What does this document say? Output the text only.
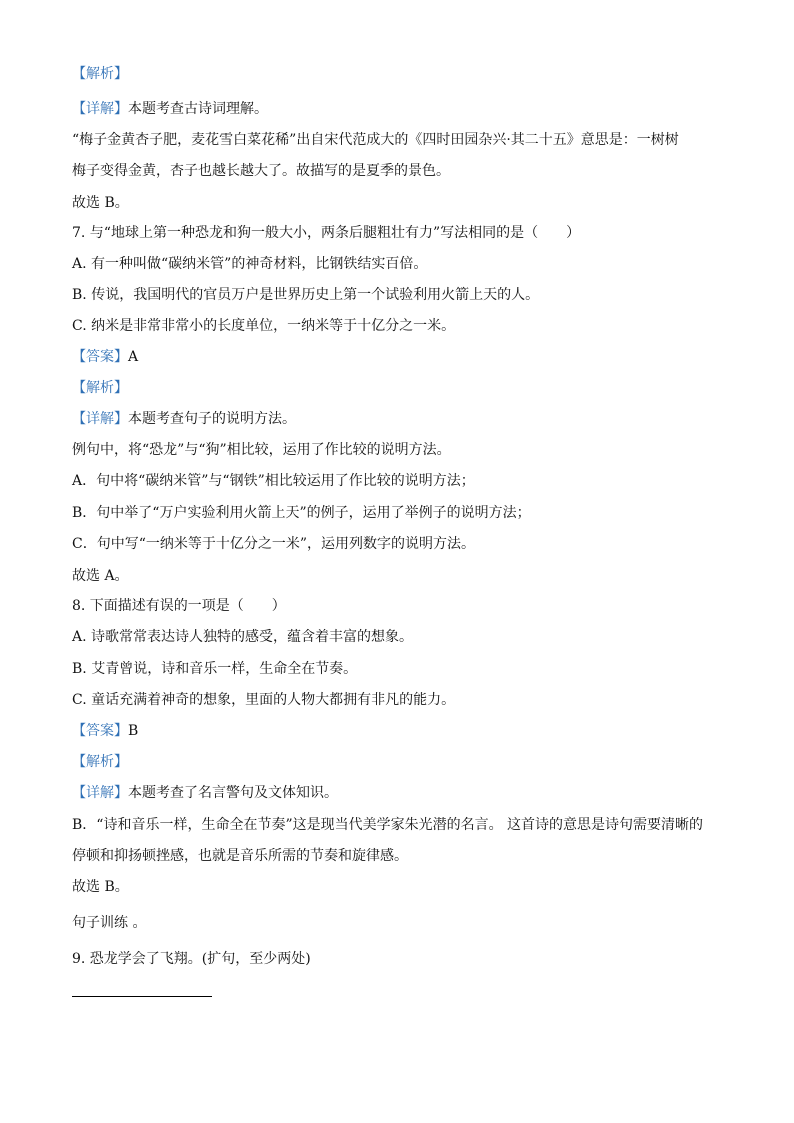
【解析】
【详解】本题考查古诗词理解。
“梅子金黄杏子肥，麦花雪白菜花稀”出自宋代范成大的《四时田园杂兴·其二十五》意思是：一树树
梅子变得金黄，杏子也越长越大了。故描写的是夏季的景色。
故选 B。
7. 与“地球上第一种恐龙和狗一般大小，两条后腿粗壮有力”写法相同的是（　　）
A. 有一种叫做“碳纳米管”的神奇材料，比钢铁结实百倍。
B. 传说，我国明代的官员万户是世界历史上第一个试验利用火箭上天的人。
C. 纳米是非常非常小的长度单位，一纳米等于十亿分之一米。
【答案】A
【解析】
【详解】本题考查句子的说明方法。
例句中，将“恐龙”与“狗”相比较，运用了作比较的说明方法。
A．句中将“碳纳米管”与“钢铁”相比较运用了作比较的说明方法；
B．句中举了“万户实验利用火箭上天”的例子，运用了举例子的说明方法；
C．句中写“一纳米等于十亿分之一米”，运用列数字的说明方法。
故选 A。
8. 下面描述有误的一项是（　　）
A. 诗歌常常表达诗人独特的感受，蕴含着丰富的想象。
B. 艾青曾说，诗和音乐一样，生命全在节奏。
C. 童话充满着神奇的想象，里面的人物大都拥有非凡的能力。
【答案】B
【解析】
【详解】本题考查了名言警句及文体知识。
B．“诗和音乐一样，生命全在节奏”这是现当代美学家朱光潜的名言。 这首诗的意思是诗句需要清晰的
停顿和抑扬顿挫感，也就是音乐所需的节奏和旋律感。
故选 B。
句子训练 。
9. 恐龙学会了飞翔。(扩句，至少两处)
